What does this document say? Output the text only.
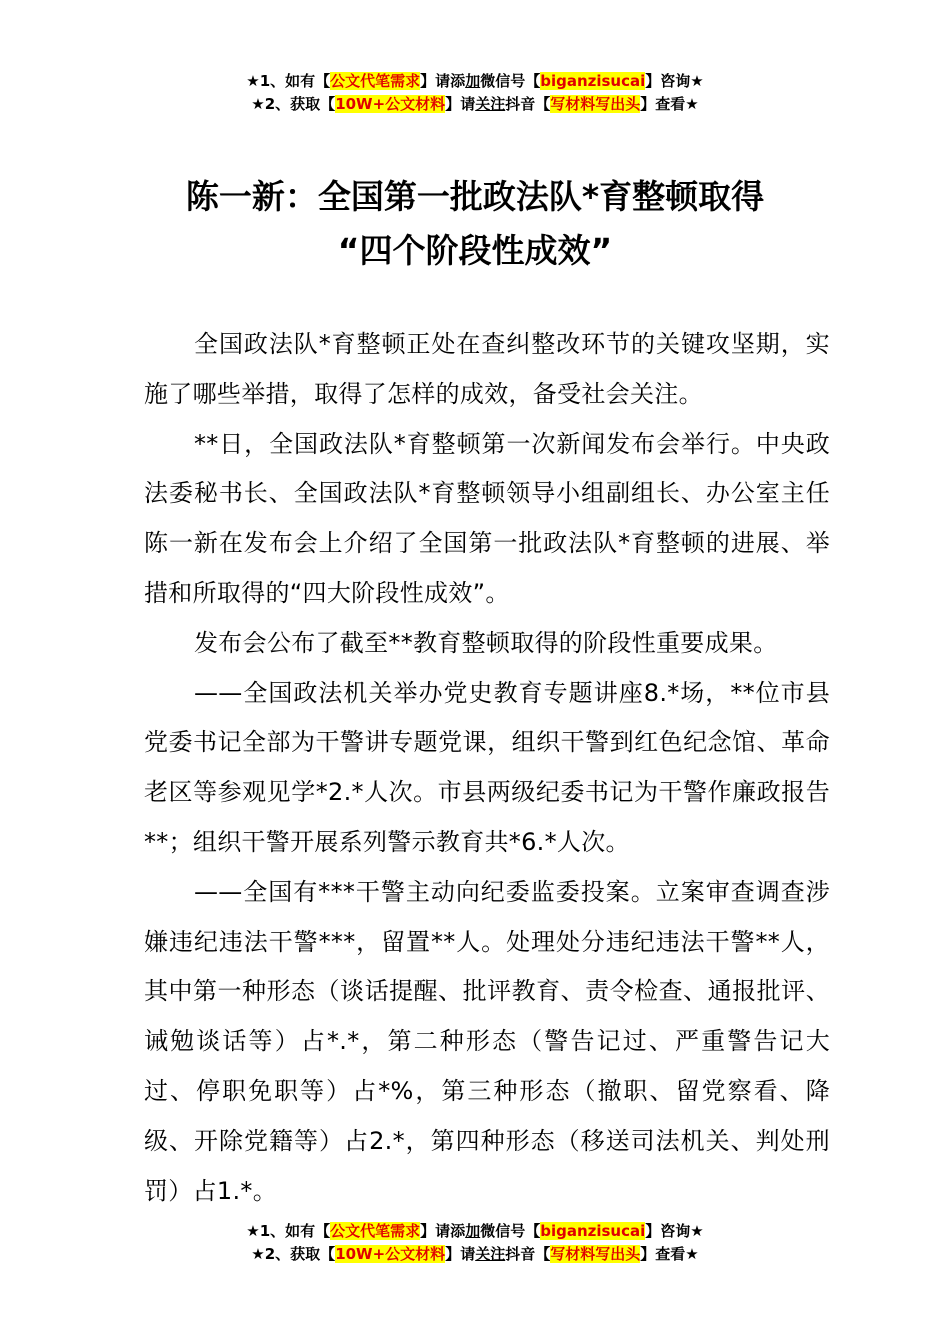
★1、如有【公文代笔需求】请添加微信号【biganzisucai】咨询★
★2、获取【10W+公文材料】请关注抖音【写材料写出头】查看★
陈一新：全国第一批政法队*育整顿取得
“四个阶段性成效”

全国政法队*育整顿正处在查纠整改环节的关键攻坚期，实施了哪些举措，取得了怎样的成效，备受社会关注。

**日，全国政法队*育整顿第一次新闻发布会举行。中央政法委秘书长、全国政法队*育整顿领导小组副组长、办公室主任陈一新在发布会上介绍了全国第一批政法队*育整顿的进展、举措和所取得的“四大阶段性成效”。

发布会公布了截至**教育整顿取得的阶段性重要成果。

——全国政法机关举办党史教育专题讲座8.*场，**位市县党委书记全部为干警讲专题党课，组织干警到红色纪念馆、革命老区等参观见学*2.*人次。市县两级纪委书记为干警作廉政报告**；组织干警开展系列警示教育共*6.*人次。

——全国有***干警主动向纪委监委投案。立案审查调查涉嫌违纪违法干警***，留置**人。处理处分违纪违法干警**人，其中第一种形态（谈话提醒、批评教育、责令检查、通报批评、诫勉谈话等）占*.*，第二种形态（警告记过、严重警告记大过、停职免职等）占*%，第三种形态（撤职、留党察看、降级、开除党籍等）占2.*，第四种形态（移送司法机关、判处刑罚）占1.*。

★1、如有【公文代笔需求】请添加微信号【biganzisucai】咨询★
★2、获取【10W+公文材料】请关注抖音【写材料写出头】查看★
